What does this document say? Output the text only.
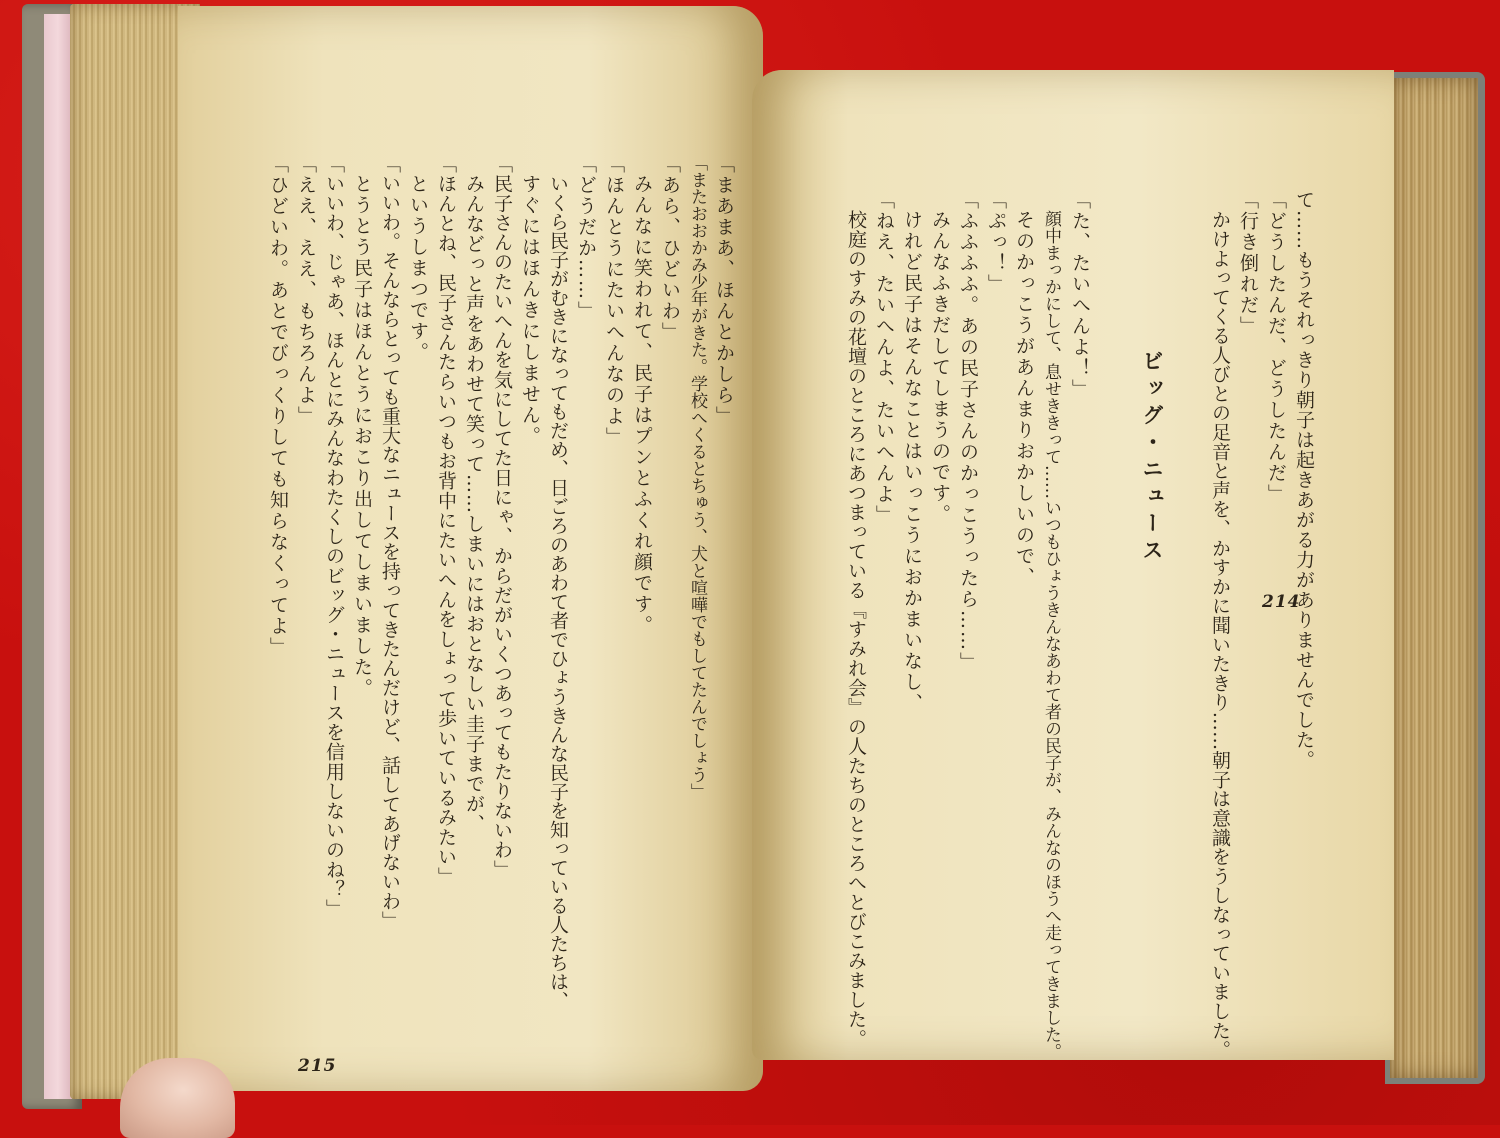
「ひどいわ。あとでびっくりしても知らなくってよ」 「ええ、ええ、もちろんよ」 「いいわ、じゃあ、ほんとにみんなわたくしのビッグ・ニュースを信用しないのね？」 とうとう民子はほんとうにおこり出してしまいました。 「いいわ。そんならとっても重大なニュースを持ってきたんだけど、話してあげないわ」 というしまつです。 「ほんとね、民子さんたらいつもお背中にたいへんをしょって歩いているみたい」 みんなどっと声をあわせて笑って……しまいにはおとなしい圭子までが、 「民子さんのたいへんを気にしてた日にゃ、からだがいくつあってもたりないわ」 すぐにはほんきにしません。 いくら民子がむきになってもだめ、日ごろのあわて者でひょうきんな民子を知っている人たちは、 「どうだか……」 「ほんとうにたいへんなのよ」 みんなに笑われて、民子はプンとふくれ顔です。 「あら、ひどいわ」 「またおおかみ少年がきた。学校へくるとちゅう、犬と喧嘩でもしてたんでしょう」 「まあまあ、ほんとかしら」
215
て……もうそれっきり朝子は起きあがる力がありませんでした。
「どうしたんだ、どうしたんだ」
「行き倒れだ」
かけよってくる人びとの足音と声を、かすかに聞いたきり……朝子は意識をうしなっていました。
ビッグ・ニュース
「た、たいへんよ！」
顔中まっかにして、息せききって……いつもひょうきんなあわて者の民子が、みんなのほうへ走ってきました。
そのかっこうがあんまりおかしいので、
「ぷっ！」
「ふふふふ。あの民子さんのかっこうったら……」
みんなふきだしてしまうのです。
けれど民子はそんなことはいっこうにおかまいなし、
「ねえ、たいへんよ、たいへんよ」
校庭のすみの花壇のところにあつまっている『すみれ会』の人たちのところへとびこみました。	214
